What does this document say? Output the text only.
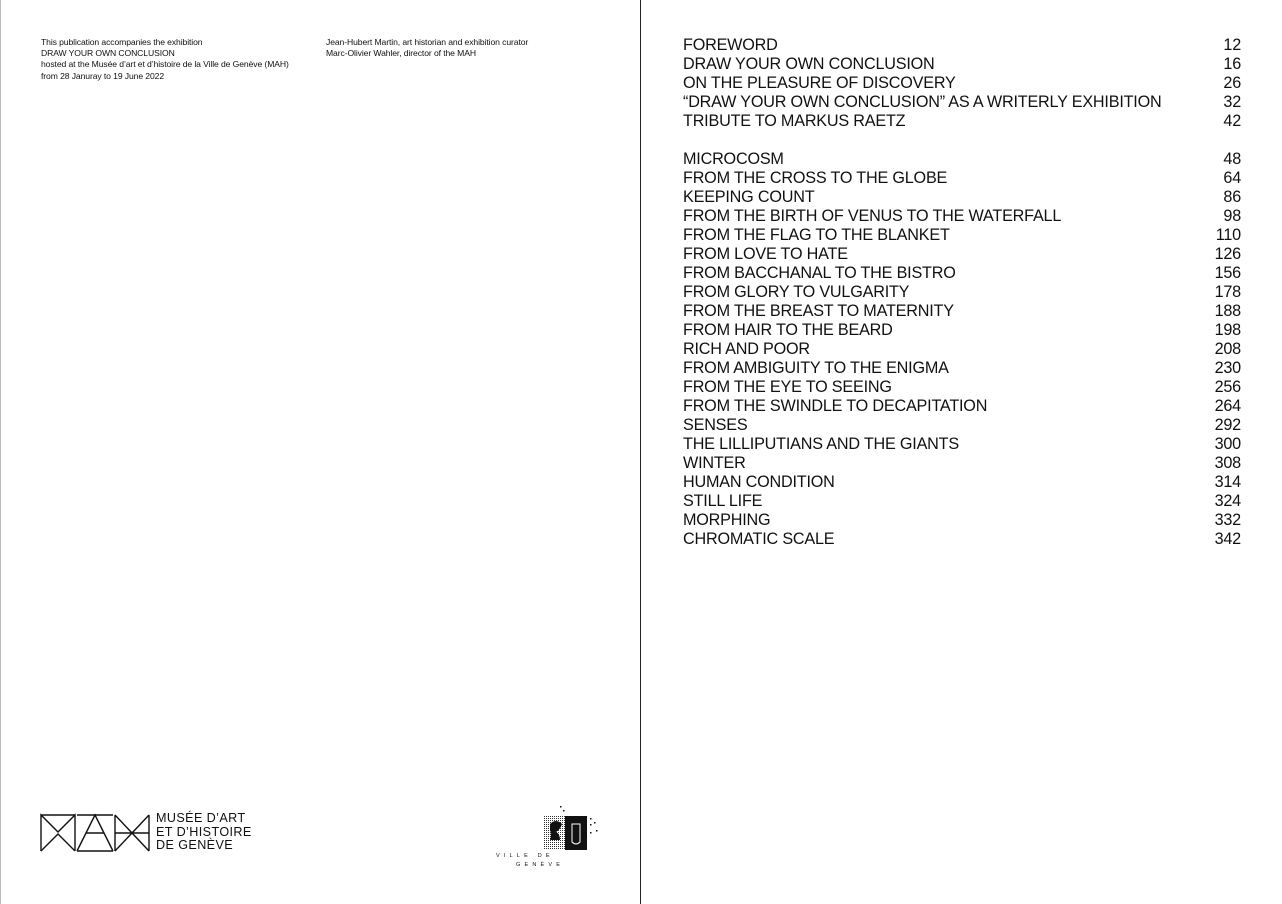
This publication accompanies the exhibition
DRAW YOUR OWN CONCLUSION
hosted at the Musée d’art et d’histoire de la Ville de Genève (MAH)
from 28 Januray to 19 June 2022
Jean-Hubert Martin, art historian and exhibition curator
Marc-Olivier Wahler, director of the MAH
MUSÉE D’ART
ET D’HISTOIRE
DE GENÈVE
VILLE DE
GENÈVE
FOREWORD	12
DRAW YOUR OWN CONCLUSION	16
ON THE PLEASURE OF DISCOVERY	26
“DRAW YOUR OWN CONCLUSION” AS A WRITERLY EXHIBITION	32
TRIBUTE TO MARKUS RAETZ	42
MICROCOSM	48
FROM THE CROSS TO THE GLOBE	64
KEEPING COUNT	86
FROM THE BIRTH OF VENUS TO THE WATERFALL	98
FROM THE FLAG TO THE BLANKET	110
FROM LOVE TO HATE	126
FROM BACCHANAL TO THE BISTRO	156
FROM GLORY TO VULGARITY	178
FROM THE BREAST TO MATERNITY	188
FROM HAIR TO THE BEARD	198
RICH AND POOR	208
FROM AMBIGUITY TO THE ENIGMA	230
FROM THE EYE TO SEEING	256
FROM THE SWINDLE TO DECAPITATION	264
SENSES	292
THE LILLIPUTIANS AND THE GIANTS	300
WINTER	308
HUMAN CONDITION	314
STILL LIFE	324
MORPHING	332
CHROMATIC SCALE	342
